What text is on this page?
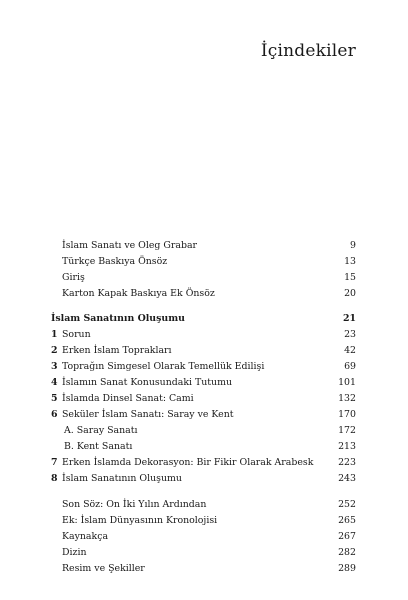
İçindekiler
İslam Sanatı ve Oleg Grabar	9
Türkçe Baskıya Önsöz	13
Giriş	15
Karton Kapak Baskıya Ek Önsöz	20
İslam Sanatının Oluşumu	21
1 Sorun	23
2 Erken İslam Toprakları	42
3 Toprağın Simgesel Olarak Temellük Edilişi	69
4 İslamın Sanat Konusundaki Tutumu	101
5 İslamda Dinsel Sanat: Cami	132
6 Seküler İslam Sanatı: Saray ve Kent	170
A. Saray Sanatı	172
B. Kent Sanatı	213
7 Erken İslamda Dekorasyon: Bir Fikir Olarak Arabesk	223
8 İslam Sanatının Oluşumu	243
Son Söz: On İki Yılın Ardından	252
Ek: İslam Dünyasının Kronolojisi	265
Kaynakça	267
Dizin	282
Resim ve Şekiller	289
